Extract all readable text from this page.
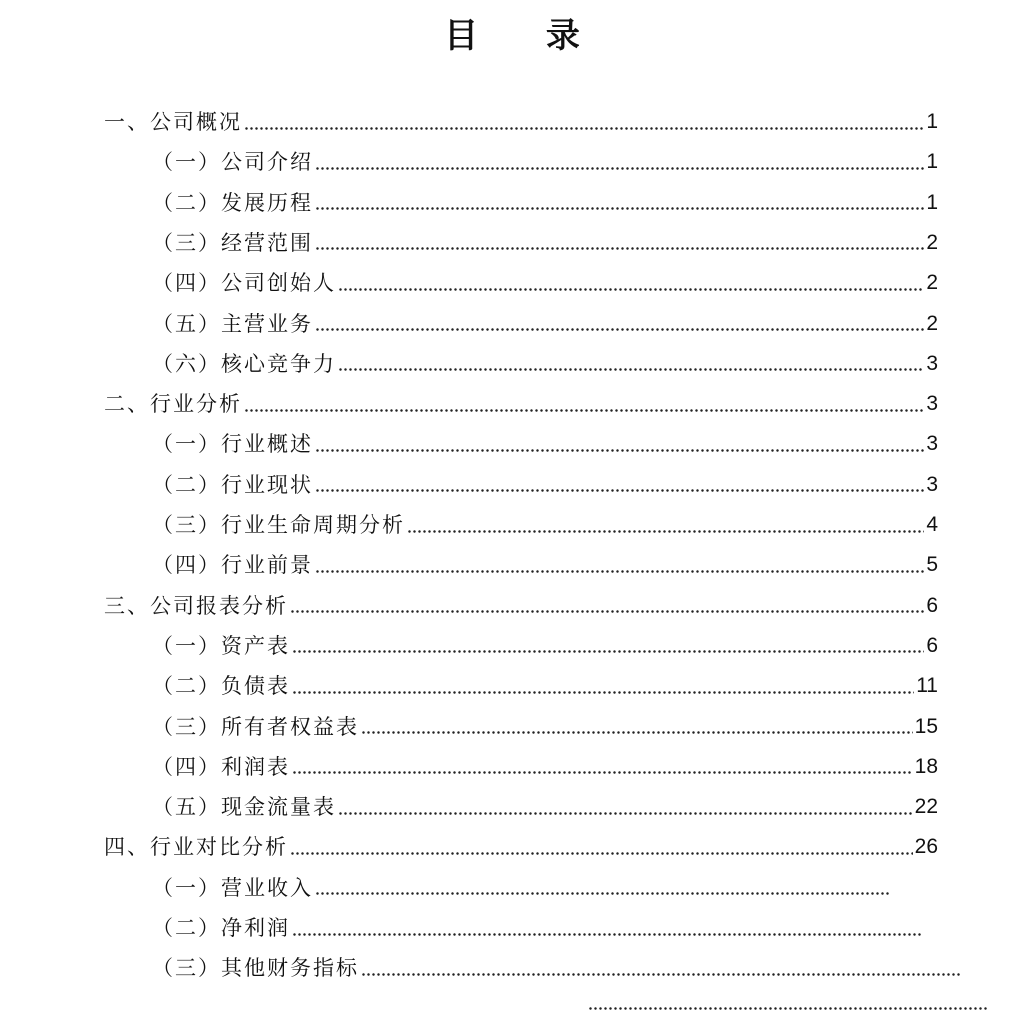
目 录
一、公司概况	1
（一）公司介绍	1
（二）发展历程	1
（三）经营范围	2
（四）公司创始人	2
（五）主营业务	2
（六）核心竞争力	3
二、行业分析	3
（一）行业概述	3
（二）行业现状	3
（三）行业生命周期分析	4
（四）行业前景	5
三、公司报表分析	6
（一）资产表	6
（二）负债表	11
（三）所有者权益表	15
（四）利润表	18
（五）现金流量表	22
四、行业对比分析	26
（一）营业收入
（二）净利润
（三）其他财务指标
